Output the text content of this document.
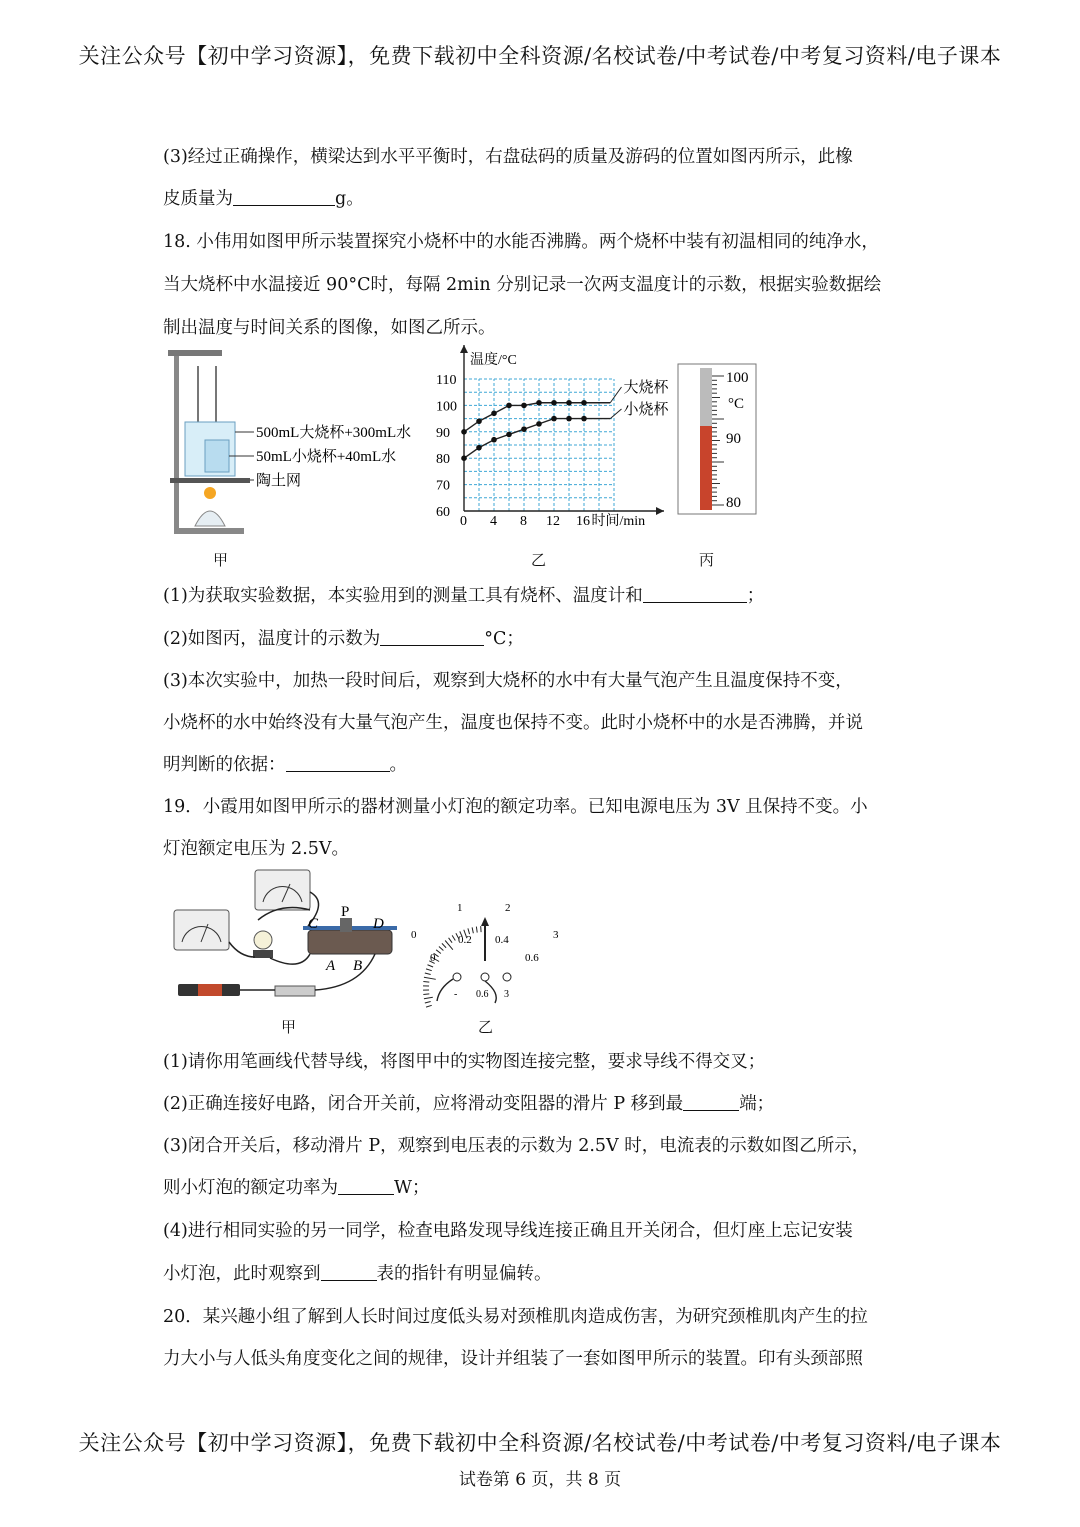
关注公众号【初中学习资源】，免费下载初中全科资源/名校试卷/中考试卷/中考复习资料/电子课本
(3)经过正确操作，横梁达到水平平衡时，右盘砝码的质量及游码的位置如图丙所示，此橡
皮质量为	g。
18. 小伟用如图甲所示装置探究小烧杯中的水能否沸腾。两个烧杯中装有初温相同的纯净水，
当大烧杯中水温接近 90°C时，每隔 2min 分别记录一次两支温度计的示数，根据实验数据绘
制出温度与时间关系的图像，如图乙所示。
500mL大烧杯+300mL水
50mL小烧杯+40mL水
陶土网
甲
60
70
80
90
100
110
0 4 8 12 16
温度/°C
时间/min
大烧杯
小烧杯
乙
100
°C
90
80
丙
(1)为获取实验数据，本实验用到的测量工具有烧杯、温度计和	；
(2)如图丙，温度计的示数为	°C；
(3)本次实验中，加热一段时间后，观察到大烧杯的水中有大量气泡产生且温度保持不变，
小烧杯的水中始终没有大量气泡产生，温度也保持不变。此时小烧杯中的水是否沸腾，并说
明判断的依据：	。
19．小霞用如图甲所示的器材测量小灯泡的额定功率。已知电源电压为 3V 且保持不变。小
灯泡额定电压为 2.5V。
C
P
D
A B
甲
0
1	2
3
0
0.2 0.4
0.6
- 0.6 3
乙
(1)请你用笔画线代替导线，将图甲中的实物图连接完整，要求导线不得交叉；
(2)正确连接好电路，闭合开关前，应将滑动变阻器的滑片 P 移到最	端；
(3)闭合开关后，移动滑片 P，观察到电压表的示数为 2.5V 时，电流表的示数如图乙所示，
则小灯泡的额定功率为	W；
(4)进行相同实验的另一同学，检查电路发现导线连接正确且开关闭合，但灯座上忘记安装
小灯泡，此时观察到	表的指针有明显偏转。
20．某兴趣小组了解到人长时间过度低头易对颈椎肌肉造成伤害，为研究颈椎肌肉产生的拉
力大小与人低头角度变化之间的规律，设计并组装了一套如图甲所示的装置。印有头颈部照
关注公众号【初中学习资源】，免费下载初中全科资源/名校试卷/中考试卷/中考复习资料/电子课本
试卷第 6 页，共 8 页
